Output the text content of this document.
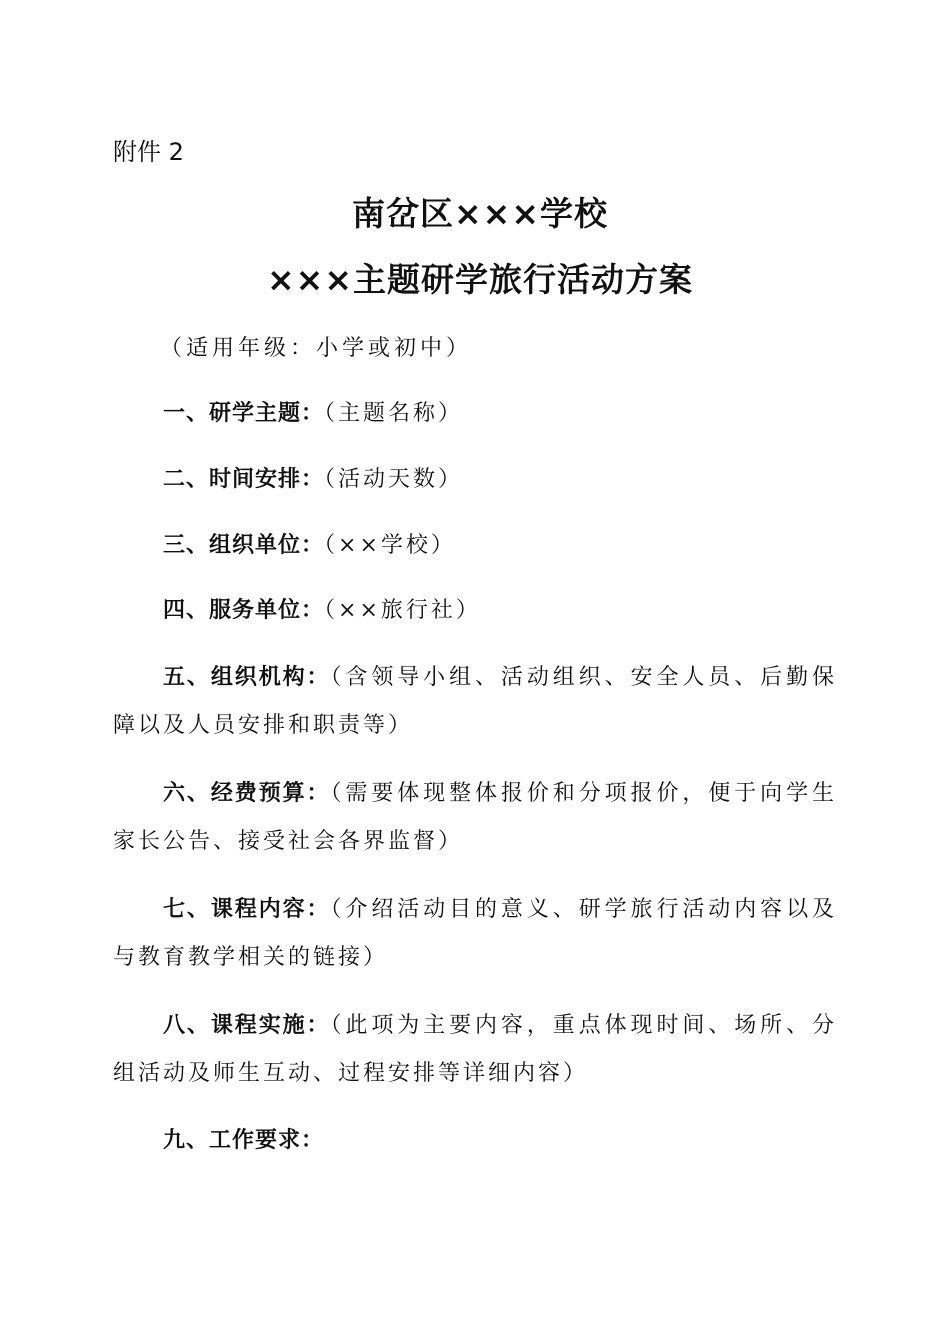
附件 2
南岔区×××学校
×××主题研学旅行活动方案
（适用年级：小学或初中）
一、研学主题：（主题名称）
二、时间安排：（活动天数）
三、组织单位：（××学校）
四、服务单位：（××旅行社）
五、组织机构：（含领导小组、活动组织、安全人员、后勤保障以及人员安排和职责等）
六、经费预算：（需要体现整体报价和分项报价，便于向学生家长公告、接受社会各界监督）
七、课程内容：（介绍活动目的意义、研学旅行活动内容以及与教育教学相关的链接）
八、课程实施：（此项为主要内容，重点体现时间、场所、分组活动及师生互动、过程安排等详细内容）
九、工作要求：
